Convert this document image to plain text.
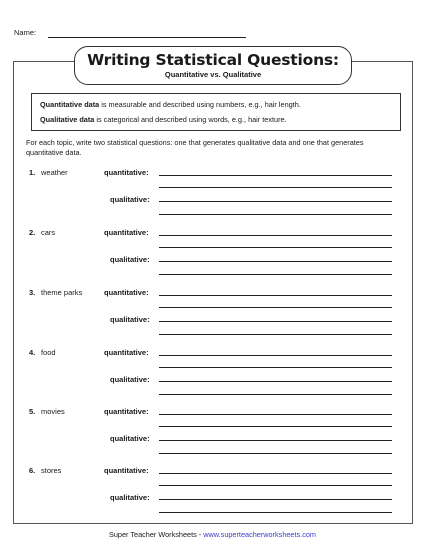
Name:
Writing Statistical Questions:
Quantitative vs. Qualitative
Quantitative data is measurable and described using numbers, e.g., hair length.
Qualitative data is categorical and described using words, e.g., hair texture.
For each topic, write two statistical questions: one that generates qualitative data and one that generates quantitative data.
1. weather	quantitative:
qualitative:
2. cars	quantitative:
qualitative:
3. theme parks	quantitative:
qualitative:
4. food	quantitative:
qualitative:
5. movies	quantitative:
qualitative:
6. stores	quantitative:
qualitative:
Super Teacher Worksheets - www.superteacherworksheets.com
